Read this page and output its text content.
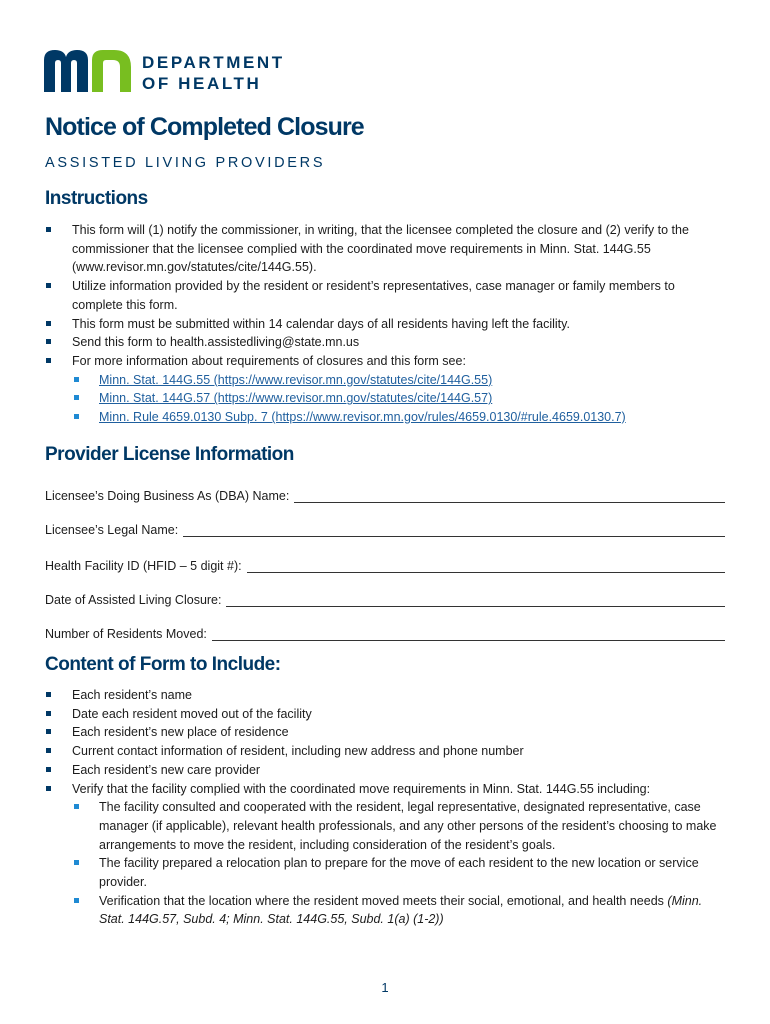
DEPARTMENT
OF HEALTH
Notice of Completed Closure
ASSISTED LIVING PROVIDERS
Instructions
This form will (1) notify the commissioner, in writing, that the licensee completed the closure and (2) verify to the commissioner that the licensee complied with the coordinated move requirements in Minn. Stat. 144G.55 (www.revisor.mn.gov/statutes/cite/144G.55).
Utilize information provided by the resident or resident’s representatives, case manager or family members to complete this form.
This form must be submitted within 14 calendar days of all residents having left the facility.
Send this form to health.assistedliving@state.mn.us
For more information about requirements of closures and this form see:
Minn. Stat. 144G.55 (https://www.revisor.mn.gov/statutes/cite/144G.55)
Minn. Stat. 144G.57 (https://www.revisor.mn.gov/statutes/cite/144G.57)
Minn. Rule 4659.0130 Subp. 7 (https://www.revisor.mn.gov/rules/4659.0130/#rule.4659.0130.7)
Provider License Information
Licensee’s Doing Business As (DBA) Name:
Licensee’s Legal Name:
Health Facility ID (HFID – 5 digit #):
Date of Assisted Living Closure:
Number of Residents Moved:
Content of Form to Include:
Each resident’s name
Date each resident moved out of the facility
Each resident’s new place of residence
Current contact information of resident, including new address and phone number
Each resident’s new care provider
Verify that the facility complied with the coordinated move requirements in Minn. Stat. 144G.55 including:
The facility consulted and cooperated with the resident, legal representative, designated representative, case manager (if applicable), relevant health professionals, and any other persons of the resident’s choosing to make arrangements to move the resident, including consideration of the resident’s goals.
The facility prepared a relocation plan to prepare for the move of each resident to the new location or service provider.
Verification that the location where the resident moved meets their social, emotional, and health needs (Minn. Stat. 144G.57, Subd. 4; Minn. Stat. 144G.55, Subd. 1(a) (1-2))
1
